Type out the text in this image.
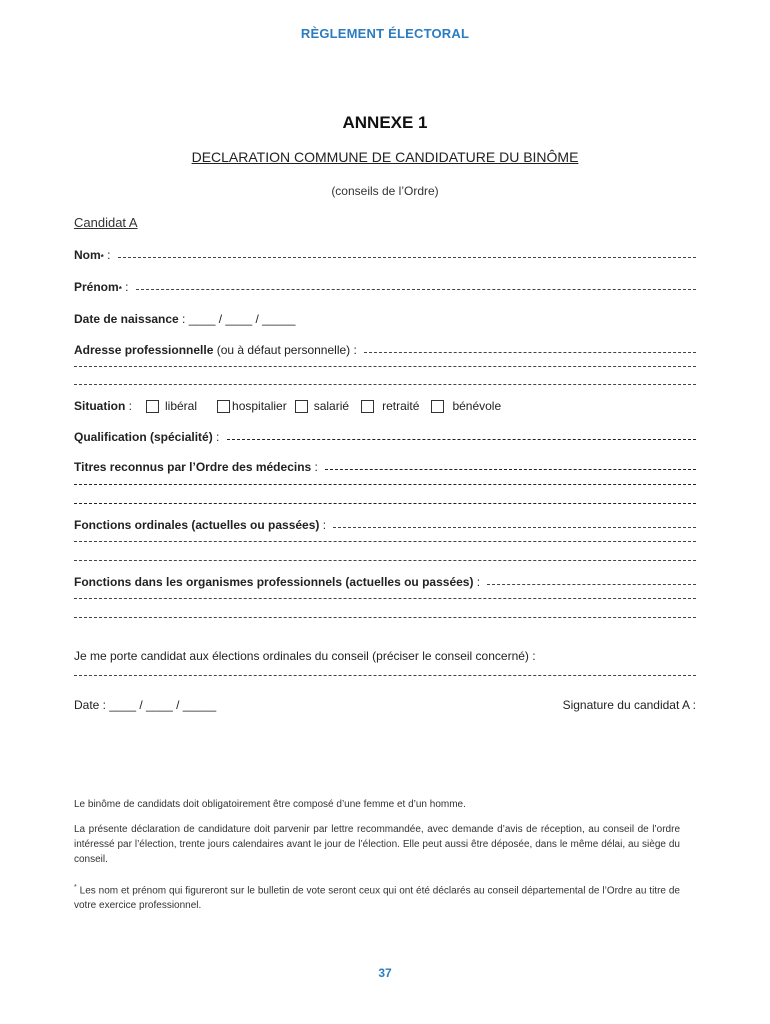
RÈGLEMENT ÉLECTORAL
ANNEXE 1
DECLARATION COMMUNE DE CANDIDATURE DU BINÔME
(conseils de l’Ordre)
Candidat A
Nom * :
Prénom * :
Date de naissance : ____ / ____ / _____
Adresse professionnelle (ou à défaut personnelle) :
Situation :	libéral	hospitalier salarié	retraité	bénévole
Qualification (spécialité) :
Titres reconnus par l’Ordre des médecins :
Fonctions ordinales (actuelles ou passées) :
Fonctions dans les organismes professionnels (actuelles ou passées) :
Je me porte candidat aux élections ordinales du conseil (préciser le conseil concerné) :
Date : ____ / ____ / _____	Signature du candidat A :
Le binôme de candidats doit obligatoirement être composé d’une femme et d’un homme.
La présente déclaration de candidature doit parvenir par lettre recommandée, avec demande d’avis de réception, au conseil de l’ordre intéressé par l’élection, trente jours calendaires avant le jour de l’élection. Elle peut aussi être déposée, dans le même délai, au siège du conseil.
* Les nom et prénom qui figureront sur le bulletin de vote seront ceux qui ont été déclarés au conseil départemental de l’Ordre au titre de votre exercice professionnel.
37
